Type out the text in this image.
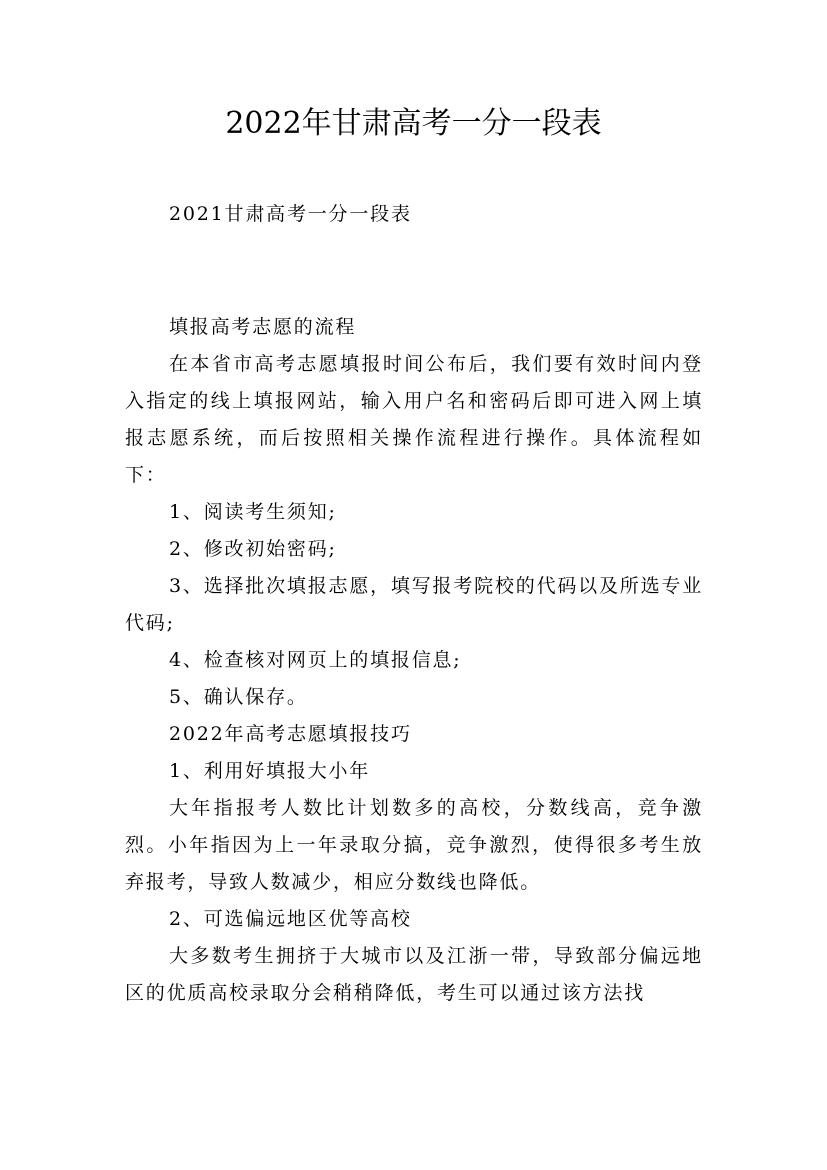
2022年甘肃高考一分一段表

2021甘肃高考一分一段表

填报高考志愿的流程

在本省市高考志愿填报时间公布后，我们要有效时间内登入指定的线上填报网站，输入用户名和密码后即可进入网上填报志愿系统，而后按照相关操作流程进行操作。具体流程如下：

1、阅读考生须知;

2、修改初始密码;

3、选择批次填报志愿，填写报考院校的代码以及所选专业代码;

4、检查核对网页上的填报信息;

5、确认保存。

2022年高考志愿填报技巧

1、利用好填报大小年

大年指报考人数比计划数多的高校，分数线高，竞争激烈。小年指因为上一年录取分搞，竞争激烈，使得很多考生放弃报考，导致人数减少，相应分数线也降低。

2、可选偏远地区优等高校

大多数考生拥挤于大城市以及江浙一带，导致部分偏远地区的优质高校录取分会稍稍降低，考生可以通过该方法找
